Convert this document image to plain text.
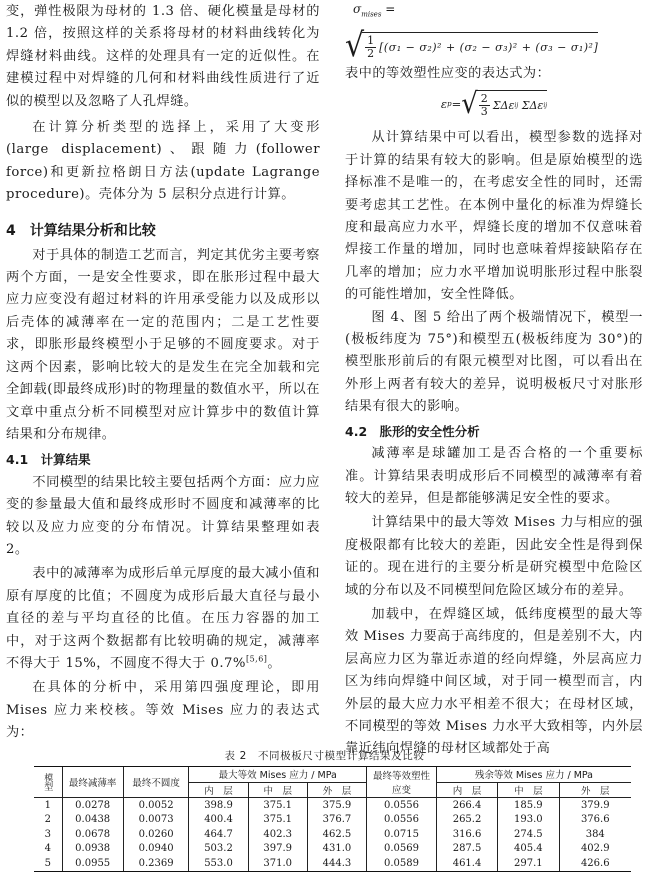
变，弹性极限为母材的 1.3 倍、硬化模量是母材的 1.2 倍，按照这样的关系将母材的材料曲线转化为焊缝材料曲线。这样的处理具有一定的近似性。在建模过程中对焊缝的几何和材料曲线性质进行了近似的模型以及忽略了人孔焊缝。

在计算分析类型的选择上，采用了大变形(large displacement)、跟随力(follower force)和更新拉格朗日方法(update Lagrange procedure)。壳体分为 5 层积分点进行计算。

4　计算结果分析和比较

对于具体的制造工艺而言，判定其优劣主要考察两个方面，一是安全性要求，即在胀形过程中最大应力应变没有超过材料的许用承受能力以及成形以后壳体的减薄率在一定的范围内；二是工艺性要求，即胀形最终模型小于足够的不圆度要求。对于这两个因素，影响比较大的是发生在完全加载和完全卸载(即最终成形)时的物理量的数值水平，所以在文章中重点分析不同模型对应计算步中的数值计算结果和分布规律。

4.1　计算结果

不同模型的结果比较主要包括两个方面：应力应变的参量最大值和最终成形时不圆度和减薄率的比较以及应力应变的分布情况。计算结果整理如表 2。

表中的减薄率为成形后单元厚度的最大减小值和原有厚度的比值；不圆度为成形后最大直径与最小直径的差与平均直径的比值。在压力容器的加工中，对于这两个数据都有比较明确的规定，减薄率不得大于 15%，不圆度不得大于 0.7%[5,6]。

在具体的分析中，采用第四强度理论，即用 Mises 应力来校核。等效 Mises 应力的表达式为：

$\sigma_{mises}$ =
√ $\frac{1}{2} [(\sigma_1 - \sigma_2)^2 + (\sigma_2 - \sigma_3)^2 + (\sigma_3 - \sigma_1)^2]$

表中的等效塑性应变的表达式为：

ε p = √ $\frac{2}{3}$ ΣΔε ij
ΣΔε ij

从计算结果中可以看出，模型参数的选择对于计算的结果有较大的影响。但是原始模型的选择标准不是唯一的，在考虑安全性的同时，还需要考虑其工艺性。在本例中量化的标准为焊缝长度和最高应力水平，焊缝长度的增加不仅意味着焊接工作量的增加，同时也意味着焊接缺陷存在几率的增加；应力水平增加说明胀形过程中胀裂的可能性增加，安全性降低。

图 4、图 5 给出了两个极端情况下，模型一(极板纬度为 75°)和模型五(极板纬度为 30°)的模型胀形前后的有限元模型对比图，可以看出在外形上两者有较大的差异，说明极板尺寸对胀形结果有很大的影响。

4.2　胀形的安全性分析

减薄率是球罐加工是否合格的一个重要标准。计算结果表明成形后不同模型的减薄率有着较大的差异，但是都能够满足安全性的要求。

计算结果中的最大等效 Mises 力与相应的强度极限都有比较大的差距，因此安全性是得到保证的。现在进行的主要分析是研究模型中危险区域的分布以及不同模型间危险区域分布的差异。

加载中，在焊缝区域，低纬度模型的最大等效 Mises 力要高于高纬度的，但是差别不大，内层高应力区为靠近赤道的经向焊缝，外层高应力区为纬向焊缝中间区域，对于同一模型而言，内外层的最大应力水平相差不很大；在母材区域，不同模型的等效 Mises 力水平大致相等，内外层靠近纬向焊缝的母材区域都处于高

表 2　不同极板尺寸模型计算结果及比较
模型	最终减薄率	最终不圆度	最大等效 Mises 应力 / MPa			最终等效塑性应变	残余等效 Mises 应力 / MPa		
			内　层	中　层	外　层		内　层	中　层	外　层
1	0.0278	0.0052	398.9	375.1	375.9	0.0556	266.4	185.9	379.9
2	0.0438	0.0073	400.4	375.1	376.7	0.0556	265.2	193.0	376.6
3	0.0678	0.0260	464.7	402.3	462.5	0.0715	316.6	274.5	384
4	0.0938	0.0940	503.2	397.9	431.0	0.0569	287.5	405.4	402.9
5	0.0955	0.2369	553.0	371.0	444.3	0.0589	461.4	297.1	426.6
